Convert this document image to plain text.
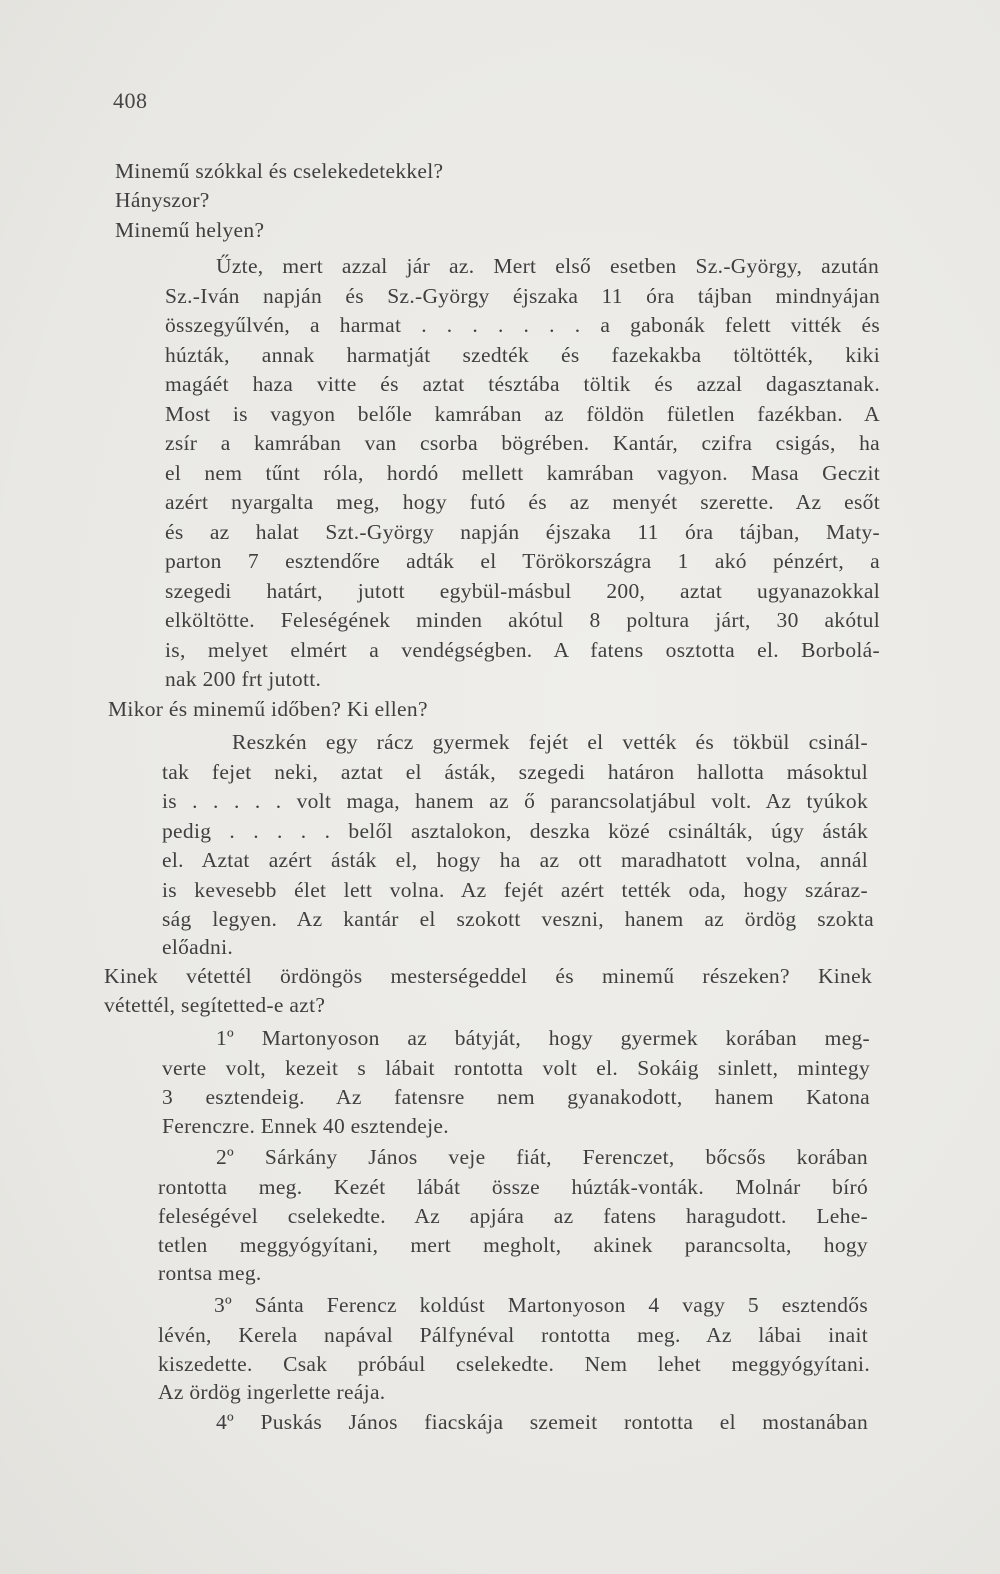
408
Minemű szókkal és cselekedetekkel?
Hányszor?
Minemű helyen?
Űzte, mert azzal jár az. Mert első esetben Sz.-György, azután
Sz.-Iván napján és Sz.-György éjszaka 11 óra tájban mindnyájan
összegyűlvén, a harmat . . . . . . . a gabonák felett vitték és
húzták, annak harmatját szedték és fazekakba töltötték, kiki
magáét haza vitte és aztat tésztába töltik és azzal dagasztanak.
Most is vagyon belőle kamrában az földön fületlen fazékban. A
zsír a kamrában van csorba bögrében. Kantár, czifra csigás, ha
el nem tűnt róla, hordó mellett kamrában vagyon. Masa Geczit
azért nyargalta meg, hogy futó és az menyét szerette. Az esőt
és az halat Szt.-György napján éjszaka 11 óra tájban, Maty-
parton 7 esztendőre adták el Törökországra 1 akó pénzért, a
szegedi határt, jutott egybül-másbul 200, aztat ugyanazokkal
elköltötte. Feleségének minden akótul 8 poltura járt, 30 akótul
is, melyet elmért a vendégségben. A fatens osztotta el. Borbolá-
nak 200 frt jutott.
Mikor és minemű időben? Ki ellen?
Reszkén egy rácz gyermek fejét el vették és tökbül csinál-
tak fejet neki, aztat el ásták, szegedi határon hallotta másoktul
is . . . . . volt maga, hanem az ő parancsolatjábul volt. Az tyúkok
pedig . . . . . belől asztalokon, deszka közé csinálták, úgy ásták
el. Aztat azért ásták el, hogy ha az ott maradhatott volna, annál
is kevesebb élet lett volna. Az fejét azért tették oda, hogy száraz-
ság legyen. Az kantár el szokott veszni, hanem az ördög szokta
előadni.
Kinek vétettél ördöngös mesterségeddel és minemű részeken? Kinek
vétettél, segítetted-e azt?
1º Martonyoson az bátyját, hogy gyermek korában meg-
verte volt, kezeit s lábait rontotta volt el. Sokáig sinlett, mintegy
3 esztendeig. Az fatensre nem gyanakodott, hanem Katona
Ferenczre. Ennek 40 esztendeje.
2º Sárkány János veje fiát, Ferenczet, bőcsős korában
rontotta meg. Kezét lábát össze húzták-vonták. Molnár bíró
feleségével cselekedte. Az apjára az fatens haragudott. Lehe-
tetlen meggyógyítani, mert megholt, akinek parancsolta, hogy
rontsa meg.
3º Sánta Ferencz koldúst Martonyoson 4 vagy 5 esztendős
lévén, Kerela napával Pálfynéval rontotta meg. Az lábai inait
kiszedette. Csak próbául cselekedte. Nem lehet meggyógyítani.
Az ördög ingerlette reája.
4º Puskás János fiacskája szemeit rontotta el mostanában
